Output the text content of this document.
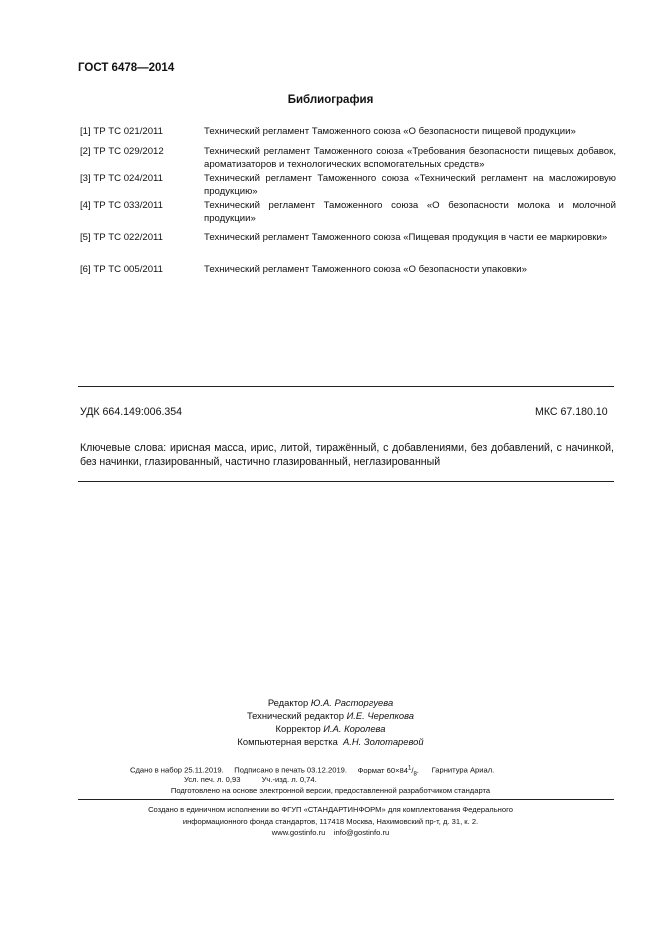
ГОСТ 6478—2014
Библиография
[1] ТР ТС 021/2011	Технический регламент Таможенного союза «О безопасности пищевой продукции»
[2] ТР ТС 029/2012	Технический регламент Таможенного союза «Требования безопасности пищевых добавок, ароматизаторов и технологических вспомогательных средств»
[3] ТР ТС 024/2011	Технический регламент Таможенного союза «Технический регламент на масложировую продукцию»
[4] ТР ТС 033/2011	Технический регламент Таможенного союза «О безопасности молока и молочной продукции»
[5] ТР ТС 022/2011	Технический регламент Таможенного союза «Пищевая продукция в части ее маркировки»
[6] ТР ТС 005/2011	Технический регламент Таможенного союза «О безопасности упаковки»
УДК 664.149:006.354	МКС 67.180.10
Ключевые слова: ирисная масса, ирис, литой, тиражённый, с добавлениями, без добавлений, с начинкой, без начинки, глазированный, частично глазированный, неглазированный
Редактор Ю.А. Расторгуева
Технический редактор И.Е. Черепкова
Корректор И.А. Королева
Компьютерная верстка А.Н. Золотаревой
Сдано в набор 25.11.2019. Подписано в печать 03.12.2019. Формат $60\times 84^1/_8$. Гарнитура Ариал.
Усл. печ. л. 0,93	Уч.-изд. л. 0,74.
Подготовлено на основе электронной версии, предоставленной разработчиком стандарта
Создано в единичном исполнении во ФГУП «СТАНДАРТИНФОРМ» для комплектования Федерального
информационного фонда стандартов, 117418 Москва, Нахимовский пр-т, д. 31, к. 2.
www.gostinfo.ru info@gostinfo.ru
